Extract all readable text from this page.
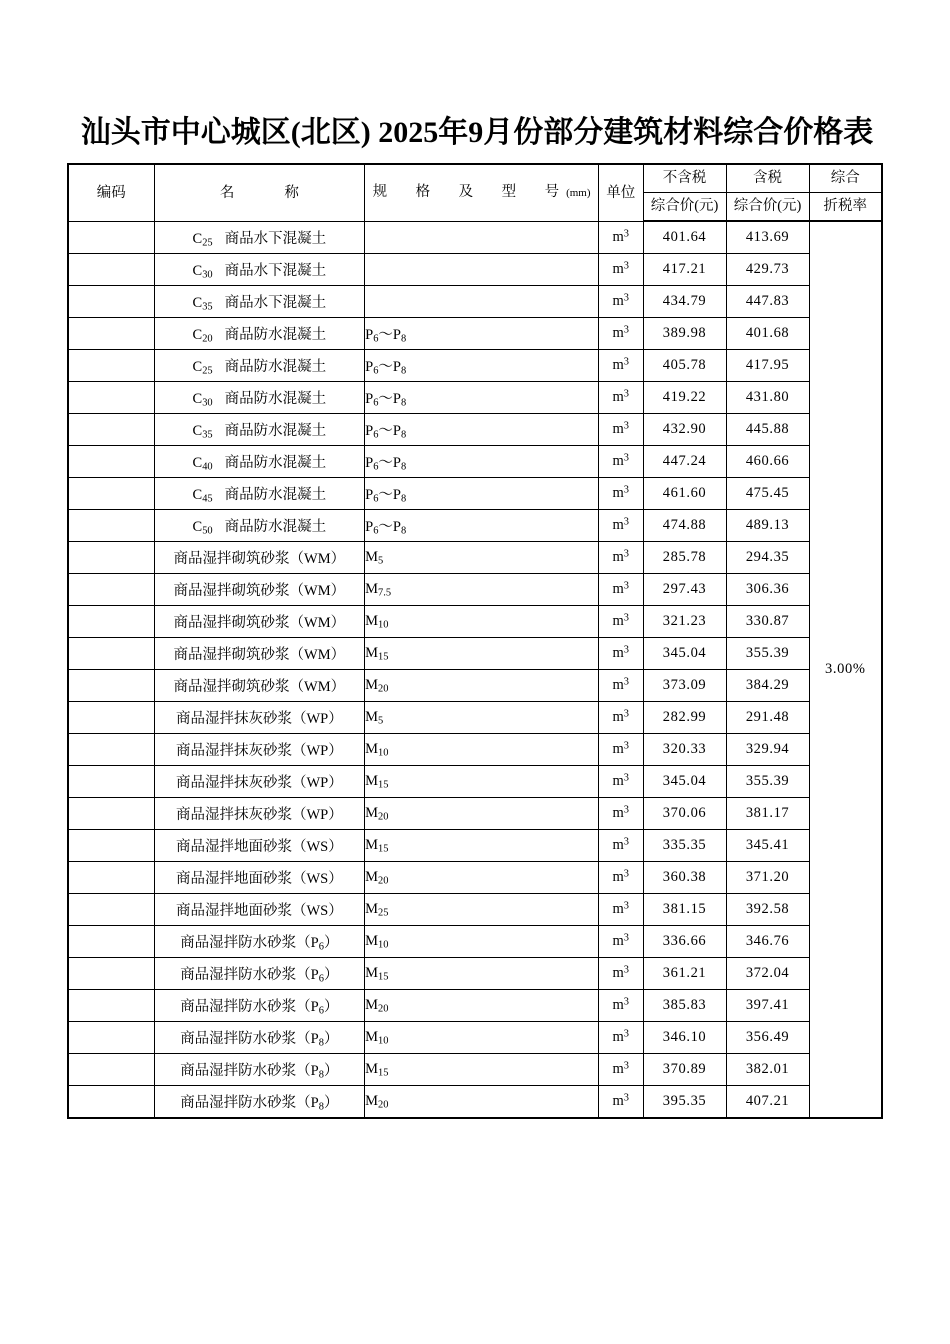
汕头市中心城区(北区) 2025年9月份部分建筑材料综合价格表
编码	名　　称	规　格　及　型　号(mm)	单位	不含税	含税	综合

				综合价(元)	综合价(元)	折税率

	$C_{25}$ 商品水下混凝土		$m^3$	401.64	413.69	3.00%
	$C_{30}$ 商品水下混凝土		$m^3$	417.21	429.73	
	$C_{35}$ 商品水下混凝土		$m^3$	434.79	447.83	
	$C_{20}$ 商品防水混凝土	$P_6\sim P_8$	$m^3$	389.98	401.68	
	$C_{25}$ 商品防水混凝土	$P_6\sim P_8$	$m^3$	405.78	417.95	
	$C_{30}$ 商品防水混凝土	$P_6\sim P_8$	$m^3$	419.22	431.80	
	$C_{35}$ 商品防水混凝土	$P_6\sim P_8$	$m^3$	432.90	445.88	
	$C_{40}$ 商品防水混凝土	$P_6\sim P_8$	$m^3$	447.24	460.66	
	$C_{45}$ 商品防水混凝土	$P_6\sim P_8$	$m^3$	461.60	475.45	
	$C_{50}$ 商品防水混凝土	$P_6\sim P_8$	$m^3$	474.88	489.13	
	商品湿拌砌筑砂浆（WM）	$M_5$	$m^3$	285.78	294.35	
	商品湿拌砌筑砂浆（WM）	$M_{7.5}$	$m^3$	297.43	306.36	
	商品湿拌砌筑砂浆（WM）	$M_{10}$	$m^3$	321.23	330.87	
	商品湿拌砌筑砂浆（WM）	$M_{15}$	$m^3$	345.04	355.39	
	商品湿拌砌筑砂浆（WM）	$M_{20}$	$m^3$	373.09	384.29	
	商品湿拌抹灰砂浆（WP）	$M_5$	$m^3$	282.99	291.48	
	商品湿拌抹灰砂浆（WP）	$M_{10}$	$m^3$	320.33	329.94	
	商品湿拌抹灰砂浆（WP）	$M_{15}$	$m^3$	345.04	355.39	
	商品湿拌抹灰砂浆（WP）	$M_{20}$	$m^3$	370.06	381.17	
	商品湿拌地面砂浆（WS）	$M_{15}$	$m^3$	335.35	345.41	
	商品湿拌地面砂浆（WS）	$M_{20}$	$m^3$	360.38	371.20	
	商品湿拌地面砂浆（WS）	$M_{25}$	$m^3$	381.15	392.58	
	商品湿拌防水砂浆$(P_6)$	$M_{10}$	$m^3$	336.66	346.76	
	商品湿拌防水砂浆$(P_6)$	$M_{15}$	$m^3$	361.21	372.04	
	商品湿拌防水砂浆$(P_6)$	$M_{20}$	$m^3$	385.83	397.41	
	商品湿拌防水砂浆$(P_8)$	$M_{10}$	$m^3$	346.10	356.49	
	商品湿拌防水砂浆$(P_8)$	$M_{15}$	$m^3$	370.89	382.01	
	商品湿拌防水砂浆$(P_8)$	$M_{20}$	$m^3$	395.35	407.21	
